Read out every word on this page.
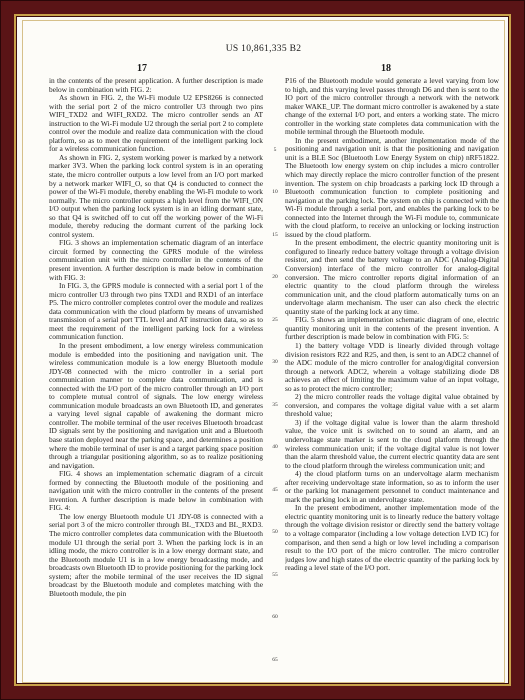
US 10,861,335 B2
17	18

in the contents of the present application. A further description is made below in combination with FIG. 2:

As shown in FIG. 2, the Wi-Fi module U2 EPS8266 is connected with the serial port 2 of the micro controller U3 through two pins WIFI_TXD2 and WIFI_RXD2. The micro controller sends an AT instruction to the Wi-Fi module U2 through the serial port 2 to complete control over the module and realize data communication with the cloud platform, so as to meet the requirement of the intelligent parking lock for a wireless communication function.

As shown in FIG. 2, system working power is marked by a network marker 3V3. When the parking lock control system is in an operating state, the micro controller outputs a low level from an I/O port marked by a network marker WIFI_O, so that Q4 is conducted to connect the power of the Wi-Fi module, thereby enabling the Wi-Fi module to work normally. The micro controller outputs a high level from the WIFI_ON I/O output when the parking lock system is in an idling dormant state, so that Q4 is switched off to cut off the working power of the Wi-Fi module, thereby reducing the dormant current of the parking lock control system.

FIG. 3 shows an implementation schematic diagram of an interface circuit formed by connecting the GPRS module of the wireless communication unit with the micro controller in the contents of the present invention. A further description is made below in combination with FIG. 3:

In FIG. 3, the GPRS module is connected with a serial port 1 of the micro controller U3 through two pins TXD1 and RXD1 of an interface P5. The micro controller completes control over the module and realizes data communication with the cloud platform by means of unvarnished transmission of a serial port TTL level and AT instruction data, so as to meet the requirement of the intelligent parking lock for a wireless communication function.

In the present embodiment, a low energy wireless communication module is embedded into the positioning and navigation unit. The wireless communication module is a low energy Bluetooth module JDY-08 connected with the micro controller in a serial port communication manner to complete data communication, and is connected with the I/O port of the micro controller through an I/O port to complete mutual control of signals. The low energy wireless communication module broadcasts an own Bluetooth ID, and generates a varying level signal capable of awakening the dormant micro controller. The mobile terminal of the user receives Bluetooth broadcast ID signals sent by the positioning and navigation unit and a Bluetooth base station deployed near the parking space, and determines a position where the mobile terminal of user is and a target parking space position through a triangular positioning algorithm, so as to realize positioning and navigation.

FIG. 4 shows an implementation schematic diagram of a circuit formed by connecting the Bluetooth module of the positioning and navigation unit with the micro controller in the contents of the present invention. A further description is made below in combination with FIG. 4:

The low energy Bluetooth module U1 JDY-08 is connected with a serial port 3 of the micro controller through BL_TXD3 and BL_RXD3. The micro controller completes data communication with the Bluetooth module U1 through the serial port 3. When the parking lock is in an idling mode, the micro controller is in a low energy dormant state, and the Bluetooth module U1 is in a low energy broadcasting mode, and broadcasts own Bluetooth ID to provide positioning for the parking lock system; after the mobile terminal of the user receives the ID signal broadcast by the Bluetooth module and completes matching with the Bluetooth module, the pin

5
10
15
20
25
30
35
40
45
50
55
60
65

P16 of the Bluetooth module would generate a level varying from low to high, and this varying level passes through D6 and then is sent to the IO port of the micro controller through a network with the network maker WAKE_UP. The dormant micro controller is awakened by a state change of the external I/O port, and enters a working state. The micro controller in the working state completes data communication with the mobile terminal through the Bluetooth module.

In the present embodiment, another implementation mode of the positioning and navigation unit is that the positioning and navigation unit is a BLE Soc (Bluetooth Low Energy System on chip) nRF51822. The Bluetooth low energy system on chip includes a micro controller which may directly replace the micro controller function of the present invention. The system on chip broadcasts a parking lock ID through a Bluetooth communication function to complete positioning and navigation at the parking lock. The system on chip is connected with the Wi-Fi module through a serial port, and enables the parking lock to be connected into the Internet through the Wi-Fi module to, communicate with the cloud platform, to receive an unlocking or locking instruction issued by the cloud platform.

In the present embodiment, the electric quantity monitoring unit is configured to linearly reduce battery voltage through a voltage division resistor, and then send the battery voltage to an ADC (Analog-Digital Conversion) interface of the micro controller for analog-digital conversion. The micro controller reports digital information of an electric quantity to the cloud platform through the wireless communication unit, and the cloud platform automatically turns on an undervoltage alarm mechanism. The user can also check the electric quantity state of the parking lock at any time.

FIG. 5 shows an implementation schematic diagram of one, electric quantity monitoring unit in the contents of the present invention. A further description is made below in combination with FIG. 5:

1) the battery voltage VDD is linearly divided through voltage division resistors R22 and R25, and then, is sent to an ADC2 channel of the ADC module of the micro controller for analog/digital conversion through a network ADC2, wherein a voltage stabilizing diode D8 achieves an effect of limiting the maximum value of an input voltage, so as to protect the micro controller;

2) the micro controller reads the voltage digital value obtained by conversion, and compares the voltage digital value with a set alarm threshold value;

3) if the voltage digital value is lower than the alarm threshold value, the voice unit is switched on to sound an alarm, and an undervoltage state marker is sent to the cloud platform through the wireless communication unit; if the voltage digital value is not lower than the alarm threshold value, the current electric quantity data are sent to the cloud platform through the wireless communication unit; and

4) the cloud platform turns on an undervoltage alarm mechanism after receiving undervoltage state information, so as to inform the user or the parking lot management personnel to conduct maintenance and mark the parking lock in an undervoltage state.

In the present embodiment, another implementation mode of the electric quantity monitoring unit is to linearly reduce the battery voltage through the voltage division resistor or directly send the battery voltage to a voltage comparator (including a low voltage detection LVD IC) for comparison, and then send a high or low level including a comparison result to the I/O port of the micro controller. The micro controller judges low and high states of the electric quantity of the parking lock by reading a level state of the I/O port.
